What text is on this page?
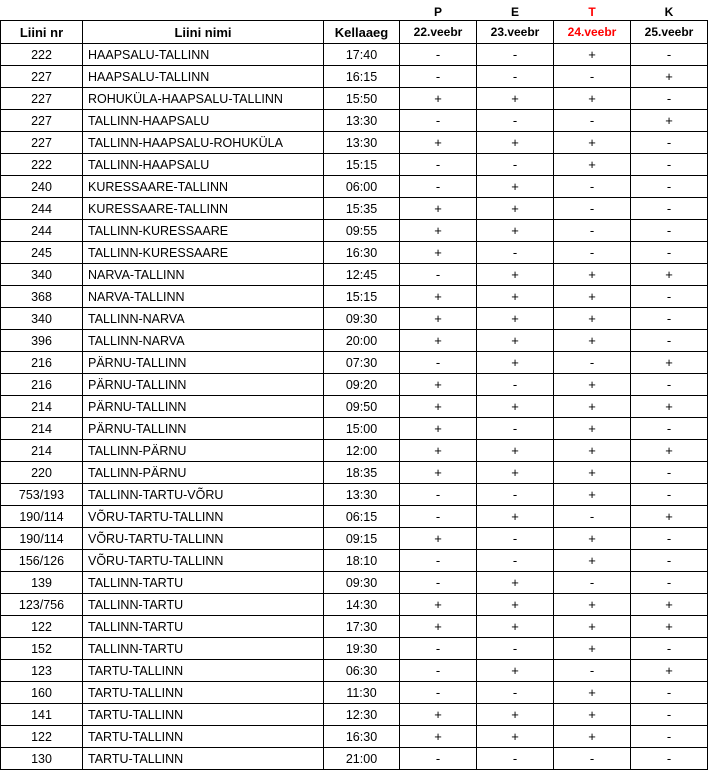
			P	E	T	K
Liini nr	Liini nimi	Kellaaeg	22.veebr	23.veebr	24.veebr	25.veebr
222	HAAPSALU-TALLINN	17:40	-	-	+	-
227	HAAPSALU-TALLINN	16:15	-	-	-	+
227	ROHUKÜLA-HAAPSALU-TALLINN	15:50	+	+	+	-
227	TALLINN-HAAPSALU	13:30	-	-	-	+
227	TALLINN-HAAPSALU-ROHUKÜLA	13:30	+	+	+	-
222	TALLINN-HAAPSALU	15:15	-	-	+	-
240	KURESSAARE-TALLINN	06:00	-	+	-	-
244	KURESSAARE-TALLINN	15:35	+	+	-	-
244	TALLINN-KURESSAARE	09:55	+	+	-	-
245	TALLINN-KURESSAARE	16:30	+	-	-	-
340	NARVA-TALLINN	12:45	-	+	+	+
368	NARVA-TALLINN	15:15	+	+	+	-
340	TALLINN-NARVA	09:30	+	+	+	-
396	TALLINN-NARVA	20:00	+	+	+	-
216	PÄRNU-TALLINN	07:30	-	+	-	+
216	PÄRNU-TALLINN	09:20	+	-	+	-
214	PÄRNU-TALLINN	09:50	+	+	+	+
214	PÄRNU-TALLINN	15:00	+	-	+	-
214	TALLINN-PÄRNU	12:00	+	+	+	+
220	TALLINN-PÄRNU	18:35	+	+	+	-
753/193	TALLINN-TARTU-VÕRU	13:30	-	-	+	-
190/114	VÕRU-TARTU-TALLINN	06:15	-	+	-	+
190/114	VÕRU-TARTU-TALLINN	09:15	+	-	+	-
156/126	VÕRU-TARTU-TALLINN	18:10	-	-	+	-
139	TALLINN-TARTU	09:30	-	+	-	-
123/756	TALLINN-TARTU	14:30	+	+	+	+
122	TALLINN-TARTU	17:30	+	+	+	+
152	TALLINN-TARTU	19:30	-	-	+	-
123	TARTU-TALLINN	06:30	-	+	-	+
160	TARTU-TALLINN	11:30	-	-	+	-
141	TARTU-TALLINN	12:30	+	+	+	-
122	TARTU-TALLINN	16:30	+	+	+	-
130	TARTU-TALLINN	21:00	-	-	-	-
